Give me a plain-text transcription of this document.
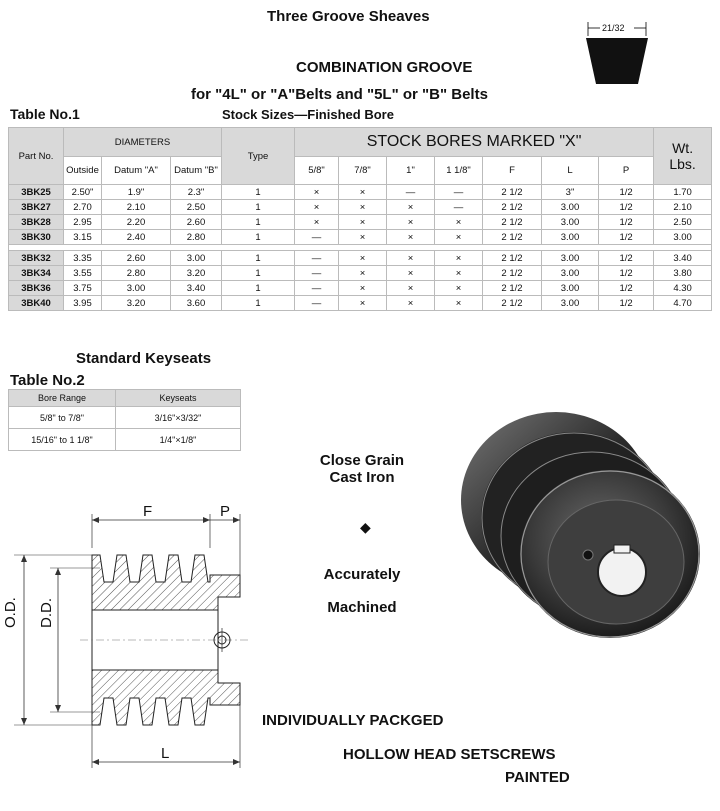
Three Groove Sheaves
21/32
COMBINATION GROOVE
for "4L" or "A"Belts and "5L" or "B" Belts
Table No.1	Stock Sizes—Finished Bore
Part No.	DIAMETERS			Type	STOCK BORES MARKED "X"							Wt.
Lbs.
	Outside	Datum "A"	Datum "B"		5/8"	7/8"	1"	1 1/8"	F	L	P	
3BK25	2.50"	1.9"	2.3"	1	×	×	—	—	2 1/2	3"	1/2	1.70
3BK27	2.70	2.10	2.50	1	×	×	×	—	2 1/2	3.00	1/2	2.10
3BK28	2.95	2.20	2.60	1	×	×	×	×	2 1/2	3.00	1/2	2.50
3BK30	3.15	2.40	2.80	1	—	×	×	×	2 1/2	3.00	1/2	3.00

3BK32	3.35	2.60	3.00	1	—	×	×	×	2 1/2	3.00	1/2	3.40
3BK34	3.55	2.80	3.20	1	—	×	×	×	2 1/2	3.00	1/2	3.80
3BK36	3.75	3.00	3.40	1	—	×	×	×	2 1/2	3.00	1/2	4.30
3BK40	3.95	3.20	3.60	1	—	×	×	×	2 1/2	3.00	1/2	4.70
Standard Keyseats
Table No.2
Bore Range	Keyseats
5/8" to 7/8"	3/16"×3/32"
15/16" to 1 1/8"	1/4"×1/8"
Close Grain
Cast Iron
◆
Accurately
Machined
INDIVIDUALLY PACKGED
HOLLOW HEAD SETSCREWS
PAINTED
F	P
O.D. D.D.
L
